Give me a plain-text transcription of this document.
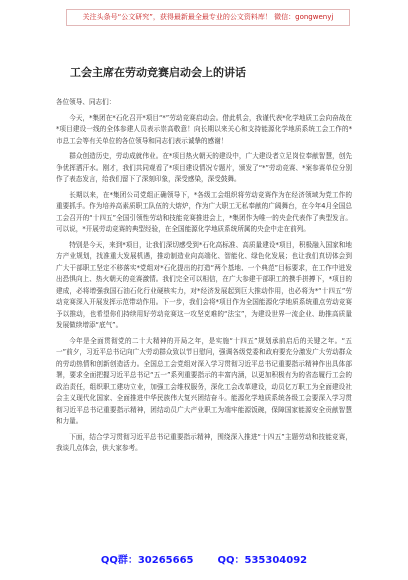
关注头条号“公文研究”，获得最新最全最专业的公文资料库！ 微信：gongwenyj
工会主席在劳动竞赛启动会上的讲话

各位领导、同志们：

今天，*集团在*石化召开*项目“*”劳动竞赛启动会。借此机会，我谨代表*化学地质工会向奋战在*项目建设一线的全体参建人员表示崇高敬意！向长期以来关心和支持能源化学地质系统工会工作的*市总工会等有关单位的各位领导和同志们表示诚挚的感谢！

群众创造历史，劳动成就伟业。在*项目热火朝天的建设中，广大建设者立足岗位奉献智慧，创先争优挥洒汗水。刚才，我们共同观看了*项目建设情况专题片，颁发了“*”劳动竞赛、*案参赛单位分别作了表态发言，给我们留下了深刻印象，深受感染，深受鼓舞。

长期以来，在*集团公司党组正确领导下，*各级工会组织将劳动竞赛作为在经济领域为党工作的重要抓手。作为培养高素质职工队伍的大熔炉，作为广大职工无私奉献的广阔舞台，在今年4月全国总工会召开的“十四五”全国引领性劳动和技能竞赛推进会上，*集团作为唯一的央企代表作了典型发言。可以说，*开展劳动竞赛的典型经验，在全国能源化学地质系统所属的央企中走在前列。

特别是今天，来到*项目，让我们深切感受到*石化高标准、高质量建设*项目，积极融入国家和地方产业规划，找准重大发展机遇，推动制造业向高端化、智能化、绿色化发展；也让我们真切体会到广大干部职工坚定不移落实*党组对*石化提出的打造“两个基地、一个典范”目标要求，在工作中迸发出恐惧向上、热火朝天的竞赛激情。我们完全可以相信，在广大参建干部职工的携手拼搏下，*项目的建成，必将增强我国石油石化行业硬核实力，对*经济发展起到巨大推动作用，也必将为*“十四五”劳动竞赛深入开展发挥示范带动作用。下一步，我们会将*项目作为全国能源化学地质系统重点劳动竞赛予以推动，也希望你们持续用好劳动竞赛这一攻坚克难的“法宝”，为建设世界一流企业、助推高质量发展做续增添“底气”。

今年是全面贯彻党的二十大精神的开局之年，是实施“十四五”规划承前启后的关键之年。“五一”前夕，习近平总书记向广大劳动群众致以节日慰问，强调各级党委和政府要充分激发广大劳动群众的劳动热情和创新创造活力。全国总工会党组对深入学习贯彻习近平总书记重要指示精神作出具体部署，要求全面把握习近平总书记“五一”系列重要指示的丰富内涵，以更加积极有为的省态履行工会的政治责任，组织职工建功立业，加强工会维权服务，深化工会改革建设，动员亿万职工为全面建设社会主义现代化国家、全面推进中华民族伟大复兴团结奋斗。能源化学地质系统各级工会要深入学习贯彻习近平总书记重要指示精神，团结动员广大产业职工为端牢能源饭碗，保障国家能源安全贡献智慧和力量。

下面，结合学习贯彻习近平总书记重要指示精神，围绕深入推进“十四五”主题劳动和技能竞赛，我谈几点体会，供大家参考。

QQ群：30265665 QQ：535304092
